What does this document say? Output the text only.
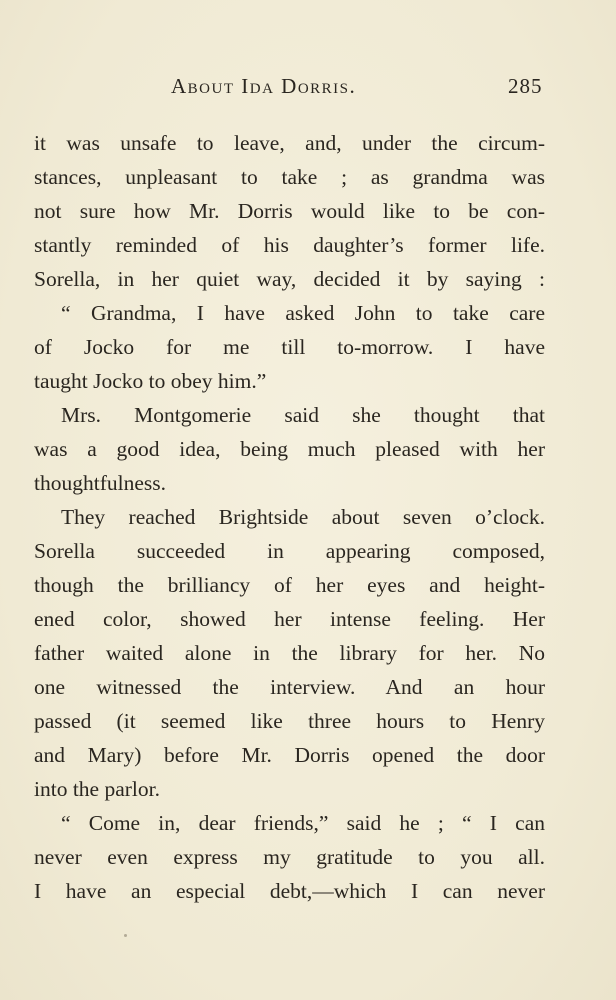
About Ida Dorris.	285
it was unsafe to leave, and, under the circum-
stances, unpleasant to take ; as grandma was
not sure how Mr. Dorris would like to be con-
stantly reminded of his daughter’s former life.
Sorella, in her quiet way, decided it by saying :
“ Grandma, I have asked John to take care
of Jocko for me till to-morrow. I have
taught Jocko to obey him.”
Mrs. Montgomerie said she thought that
was a good idea, being much pleased with her
thoughtfulness.
They reached Brightside about seven o’clock.
Sorella succeeded in appearing composed,
though the brilliancy of her eyes and height-
ened color, showed her intense feeling. Her
father waited alone in the library for her. No
one witnessed the interview. And an hour
passed (it seemed like three hours to Henry
and Mary) before Mr. Dorris opened the door
into the parlor.
“ Come in, dear friends,” said he ; “ I can
never even express my gratitude to you all.
I have an especial debt,—which I can never
